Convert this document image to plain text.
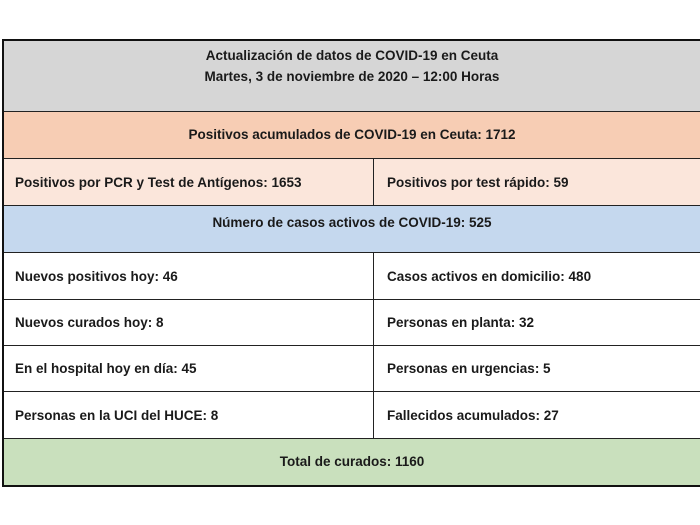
Actualización de datos de COVID-19 en Ceuta
Martes, 3 de noviembre de 2020 – 12:00 Horas
Positivos acumulados de COVID-19 en Ceuta: 1712
Positivos por PCR y Test de Antígenos: 1653	Positivos por test rápido: 59
Número de casos activos de COVID-19: 525
Nuevos positivos hoy: 46	Casos activos en domicilio: 480
Nuevos curados hoy: 8	Personas en planta: 32
En el hospital hoy en día: 45	Personas en urgencias: 5
Personas en la UCI del HUCE: 8	Fallecidos acumulados: 27
Total de curados: 1160
